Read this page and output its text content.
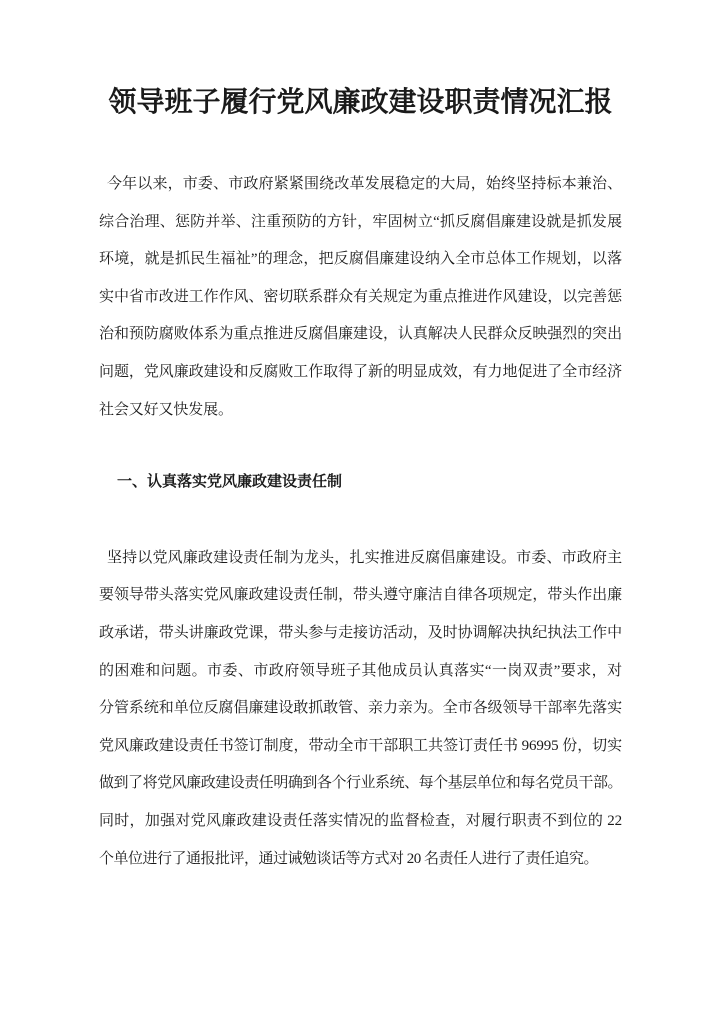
领导班子履行党风廉政建设职责情况汇报
今年以来，市委、市政府紧紧围绕改革发展稳定的大局，始终坚持标本兼治、
综合治理、惩防并举、注重预防的方针，牢固树立“抓反腐倡廉建设就是抓发展
环境，就是抓民生福祉”的理念，把反腐倡廉建设纳入全市总体工作规划，以落
实中省市改进工作作风、密切联系群众有关规定为重点推进作风建设，以完善惩
治和预防腐败体系为重点推进反腐倡廉建设，认真解决人民群众反映强烈的突出
问题，党风廉政建设和反腐败工作取得了新的明显成效，有力地促进了全市经济
社会又好又快发展。
一、认真落实党风廉政建设责任制
坚持以党风廉政建设责任制为龙头，扎实推进反腐倡廉建设。市委、市政府主
要领导带头落实党风廉政建设责任制，带头遵守廉洁自律各项规定，带头作出廉
政承诺，带头讲廉政党课，带头参与走接访活动，及时协调解决执纪执法工作中
的困难和问题。市委、市政府领导班子其他成员认真落实“一岗双责”要求，对
分管系统和单位反腐倡廉建设敢抓敢管、亲力亲为。全市各级领导干部率先落实
党风廉政建设责任书签订制度，带动全市干部职工共签订责任书 96995 份，切实
做到了将党风廉政建设责任明确到各个行业系统、每个基层单位和每名党员干部。
同时，加强对党风廉政建设责任落实情况的监督检查，对履行职责不到位的 22
个单位进行了通报批评，通过诫勉谈话等方式对 20 名责任人进行了责任追究。
